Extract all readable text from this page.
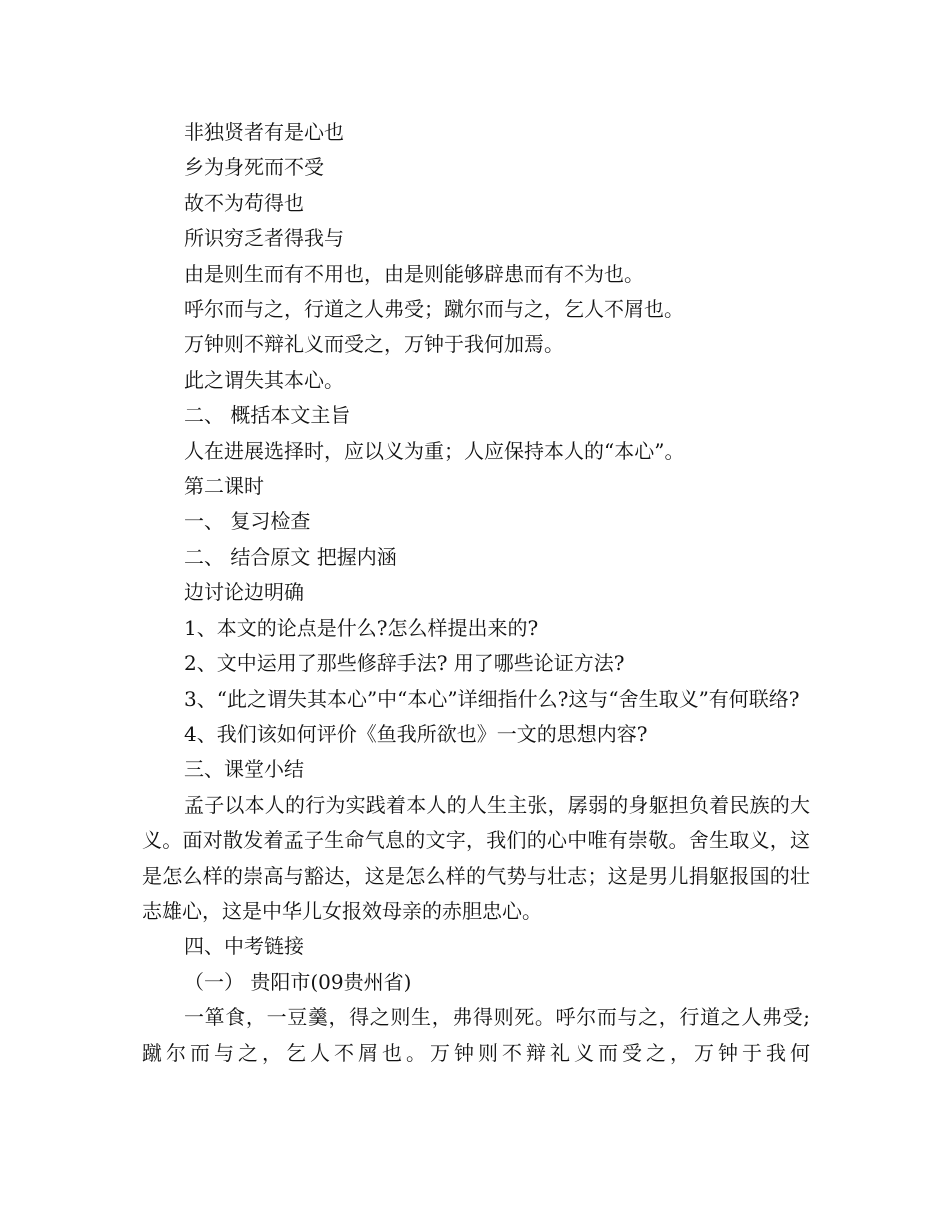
非独贤者有是心也

乡为身死而不受

故不为苟得也

所识穷乏者得我与

由是则生而有不用也，由是则能够辟患而有不为也。

呼尔而与之，行道之人弗受；蹴尔而与之，乞人不屑也。

万钟则不辩礼义而受之，万钟于我何加焉。

此之谓失其本心。

二、 概括本文主旨

人在进展选择时，应以义为重；人应保持本人的“本心”。

第二课时

一、 复习检查

二、 结合原文 把握内涵

边讨论边明确

1、本文的论点是什么?怎么样提出来的?

2、文中运用了那些修辞手法? 用了哪些论证方法?

3、“此之谓失其本心”中“本心”详细指什么?这与“舍生取义”有何联络?

4、我们该如何评价《鱼我所欲也》一文的思想内容?

三、课堂小结

孟子以本人的行为实践着本人的人生主张，孱弱的身躯担负着民族的大义。面对散发着孟子生命气息的文字，我们的心中唯有崇敬。舍生取义，这是怎么样的崇高与豁达，这是怎么样的气势与壮志；这是男儿捐躯报国的壮志雄心，这是中华儿女报效母亲的赤胆忠心。

四、中考链接

（一） 贵阳市(09贵州省)

一箪食，一豆羹，得之则生，弗得则死。呼尔而与之，行道之人弗受;蹴尔而与之，乞人不屑也。万钟则不辩礼义而受之，万钟于我何
